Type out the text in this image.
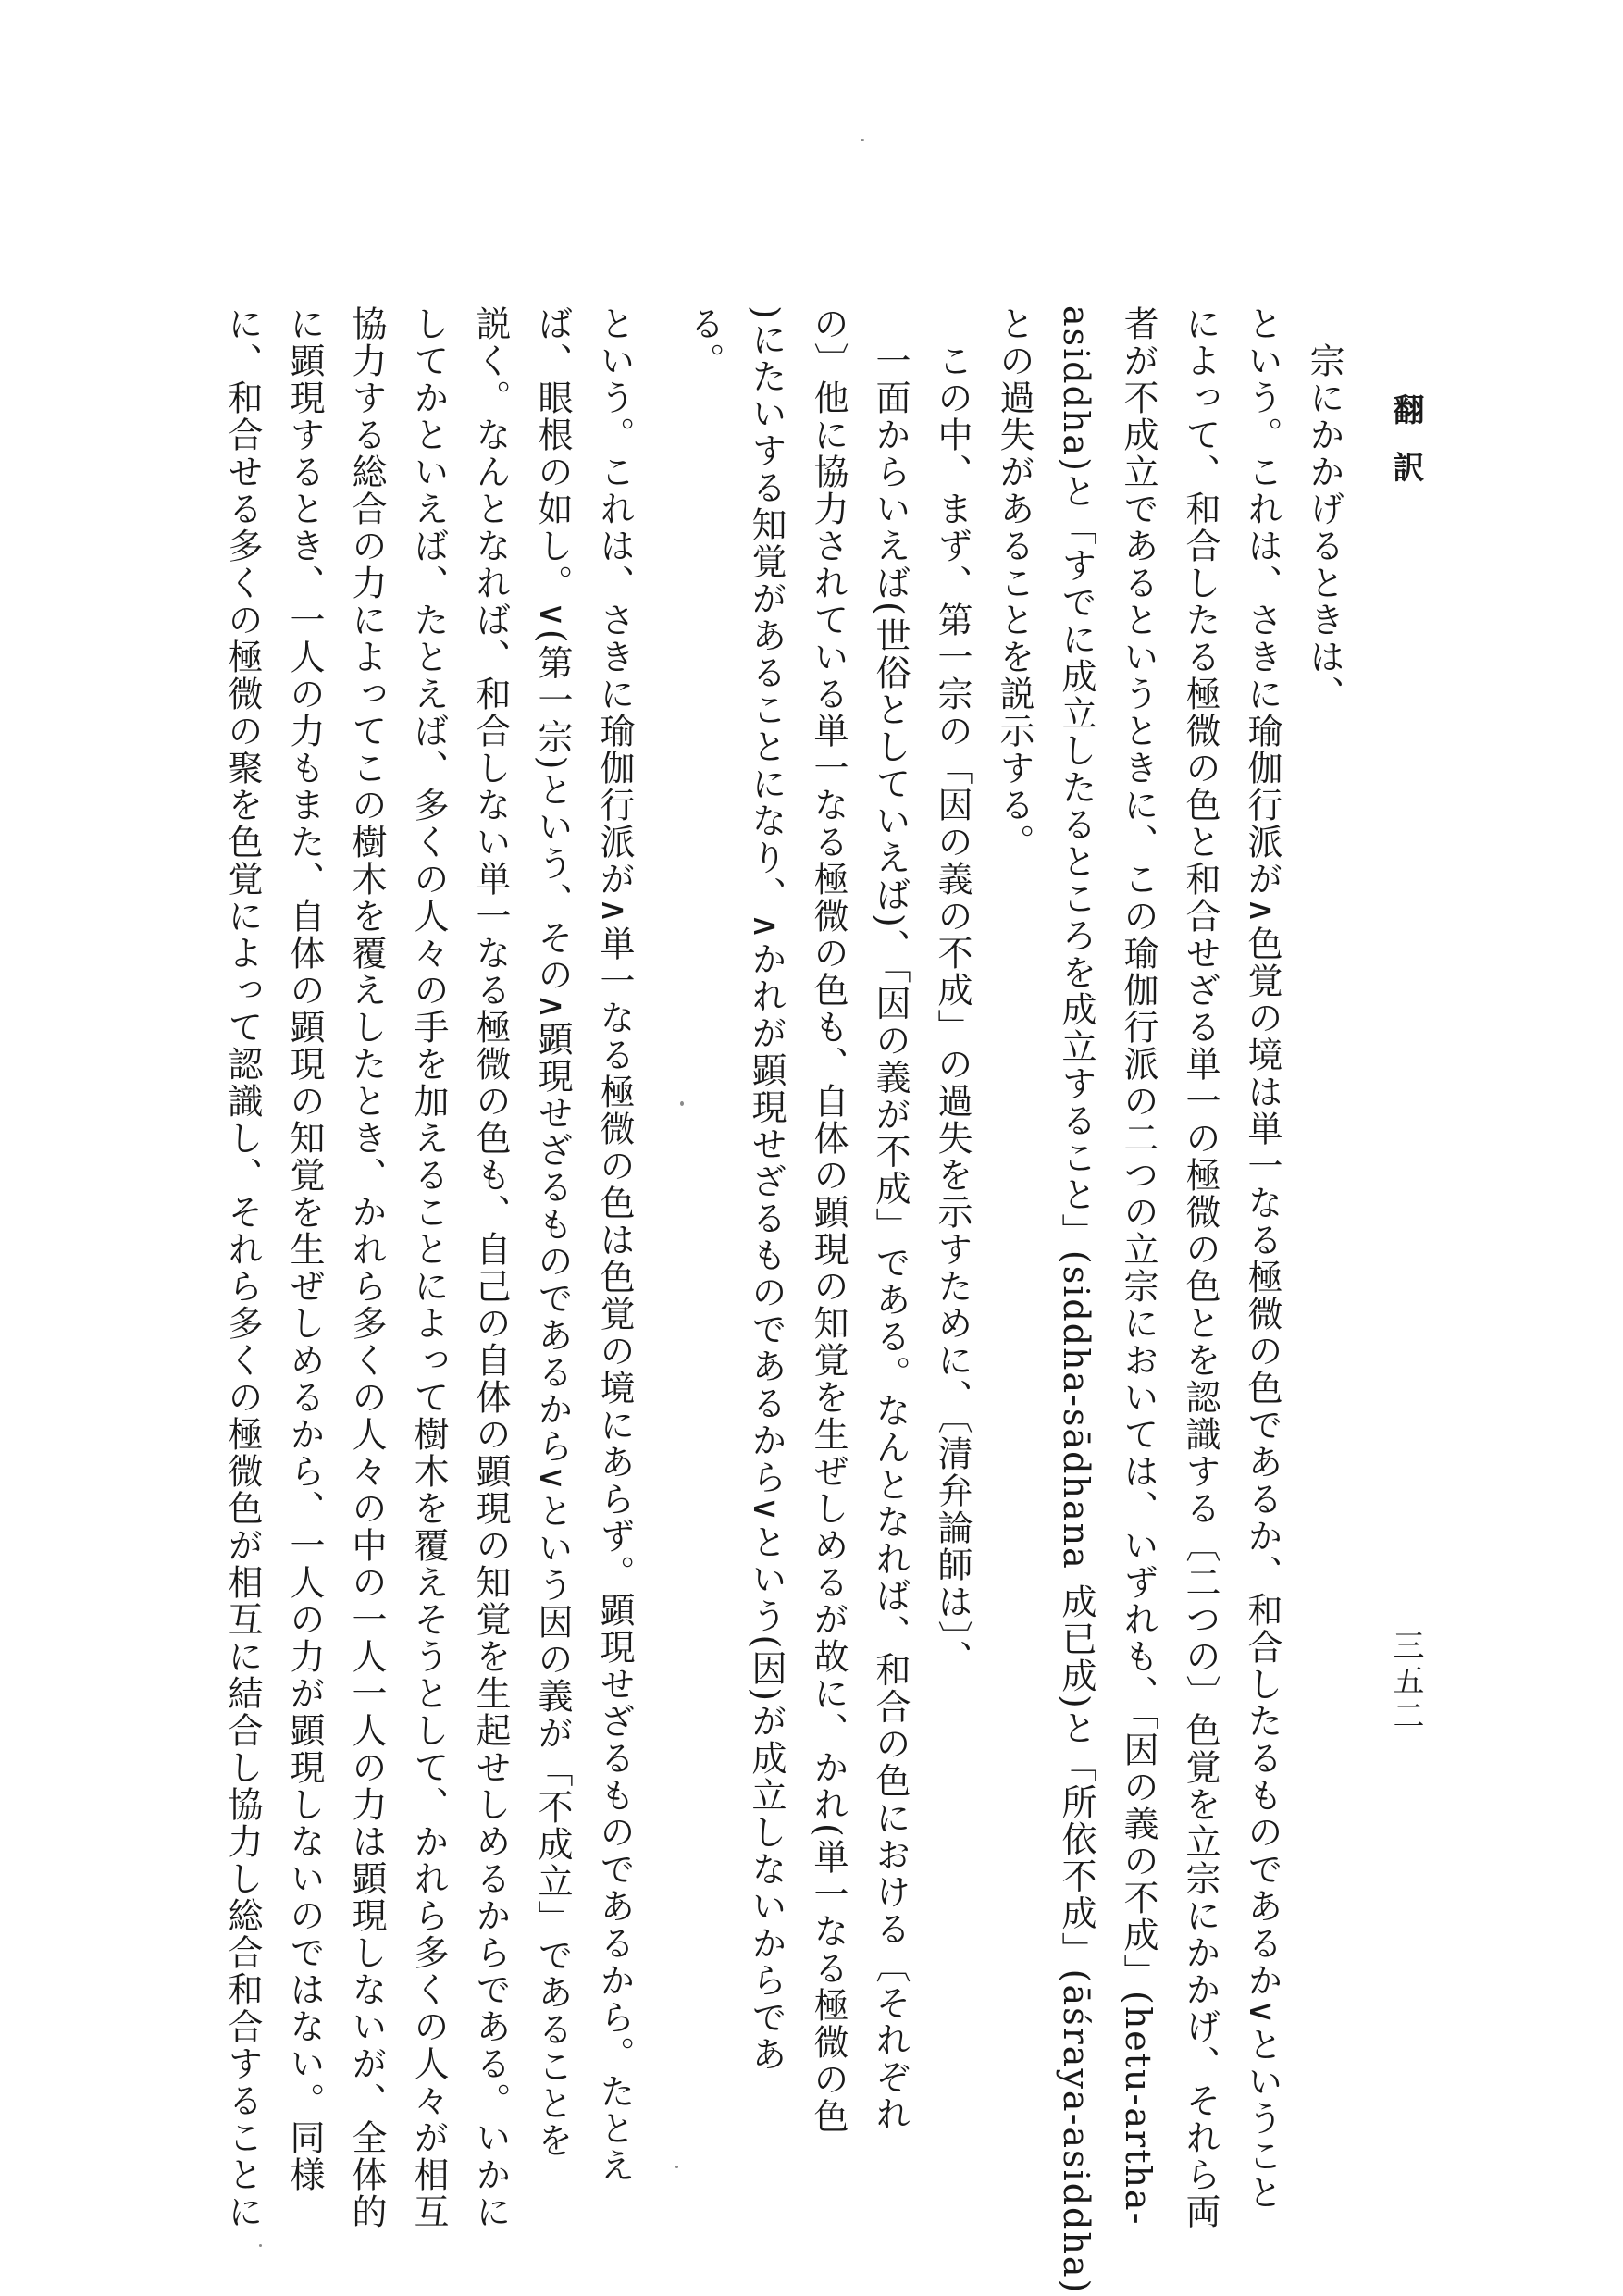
翻訳
三五二

宗にかかげるときは、

という。これは、さきに瑜伽行派が∧色覚の境は単一なる極微の色であるか、和合したるものであるか∨ということ

によって、和合したる極微の色と和合せざる単一の極微の色とを認識する〔二つの〕色覚を立宗にかかげ、それら両

者が不成立であるというときに、この瑜伽行派の二つの立宗においては、いずれも、「因の義の不成」(hetu-artha-

asiddha)と「すでに成立したるところを成立すること」(siddha-sādhana 成已成)と「所依不成」(āśraya-asiddha)

との過失があることを説示する。

この中、まず、第一宗の「因の義の不成」の過失を示すために、〔清弁論師は〕、

一面からいえば(世俗としていえば)、「因の義が不成」である。なんとなれば、和合の色における〔それぞれ

の〕他に協力されている単一なる極微の色も、自体の顕現の知覚を生ぜしめるが故に、かれ(単一なる極微の色

)にたいする知覚があることになり、∧かれが顕現せざるものであるから∨という(因)が成立しないからであ

る。

という。これは、さきに瑜伽行派が∧単一なる極微の色は色覚の境にあらず。顕現せざるものであるから。たとえ

ば、眼根の如し。∨(第一宗)という、その∧顕現せざるものであるから∨という因の義が「不成立」であることを

説く。なんとなれば、和合しない単一なる極微の色も、自己の自体の顕現の知覚を生起せしめるからである。いかに

してかといえば、たとえば、多くの人々の手を加えることによって樹木を覆えそうとして、かれら多くの人々が相互

協力する総合の力によってこの樹木を覆えしたとき、かれら多くの人々の中の一人一人の力は顕現しないが、全体的

に顕現するとき、一人の力もまた、自体の顕現の知覚を生ぜしめるから、一人の力が顕現しないのではない。同様

に、和合せる多くの極微の聚を色覚によって認識し、それら多くの極微色が相互に結合し協力し総合和合することに
